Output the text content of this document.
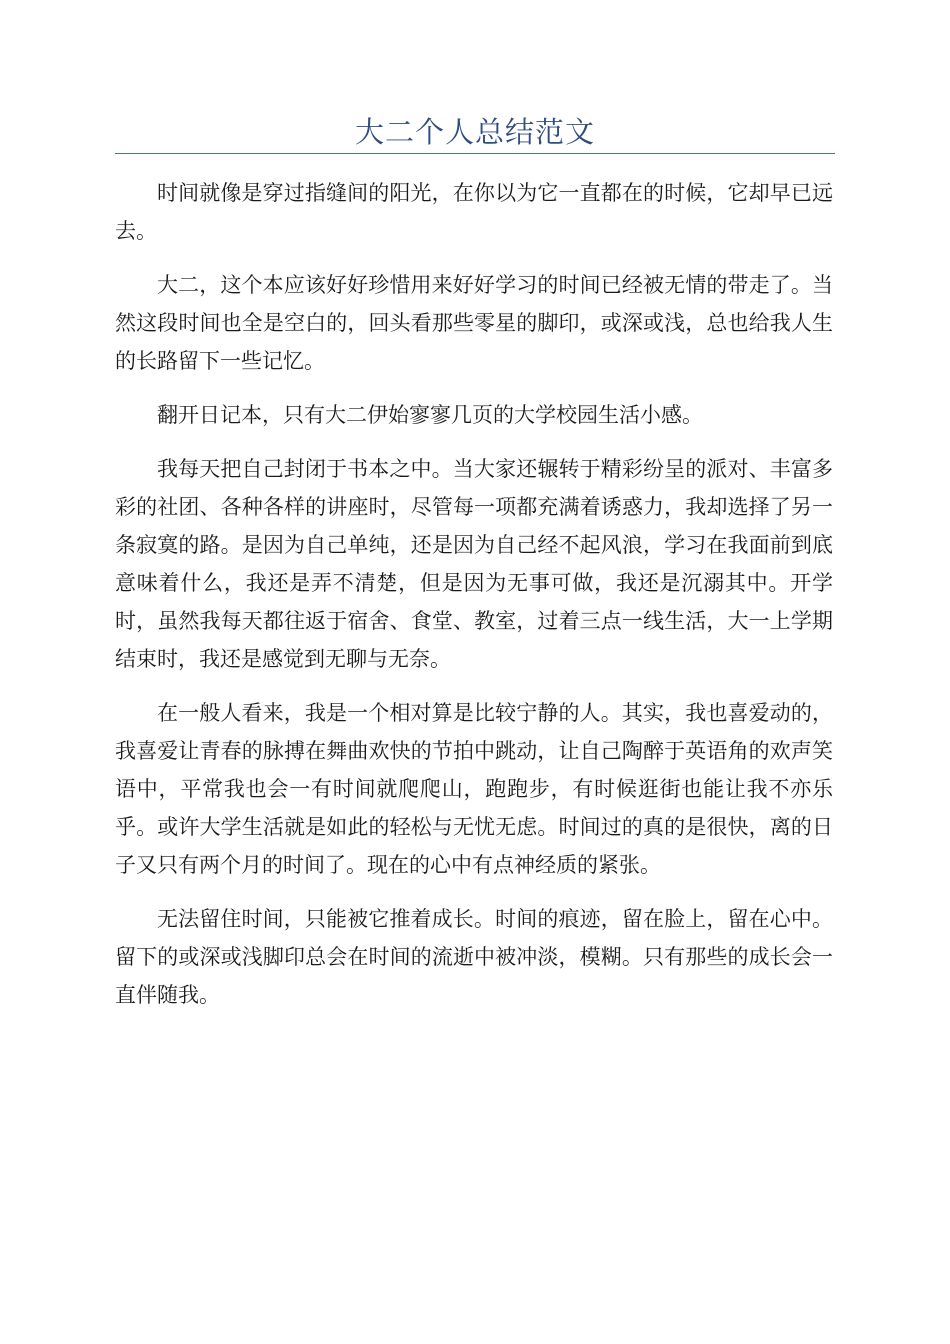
大二个人总结范文

时间就像是穿过指缝间的阳光，在你以为它一直都在的时候，它却早已远去。

大二，这个本应该好好珍惜用来好好学习的时间已经被无情的带走了。当然这段时间也全是空白的，回头看那些零星的脚印，或深或浅，总也给我人生的长路留下一些记忆。

翻开日记本，只有大二伊始寥寥几页的大学校园生活小感。

我每天把自己封闭于书本之中。当大家还辗转于精彩纷呈的派对、丰富多彩的社团、各种各样的讲座时，尽管每一项都充满着诱惑力，我却选择了另一条寂寞的路。是因为自己单纯，还是因为自己经不起风浪，学习在我面前到底意味着什么，我还是弄不清楚，但是因为无事可做，我还是沉溺其中。开学时，虽然我每天都往返于宿舍、食堂、教室，过着三点一线生活，大一上学期结束时，我还是感觉到无聊与无奈。

在一般人看来，我是一个相对算是比较宁静的人。其实，我也喜爱动的，我喜爱让青春的脉搏在舞曲欢快的节拍中跳动，让自己陶醉于英语角的欢声笑语中，平常我也会一有时间就爬爬山，跑跑步，有时候逛街也能让我不亦乐乎。或许大学生活就是如此的轻松与无忧无虑。时间过的真的是很快，离的日子又只有两个月的时间了。现在的心中有点神经质的紧张。

无法留住时间，只能被它推着成长。时间的痕迹，留在脸上，留在心中。留下的或深或浅脚印总会在时间的流逝中被冲淡，模糊。只有那些的成长会一直伴随我。
